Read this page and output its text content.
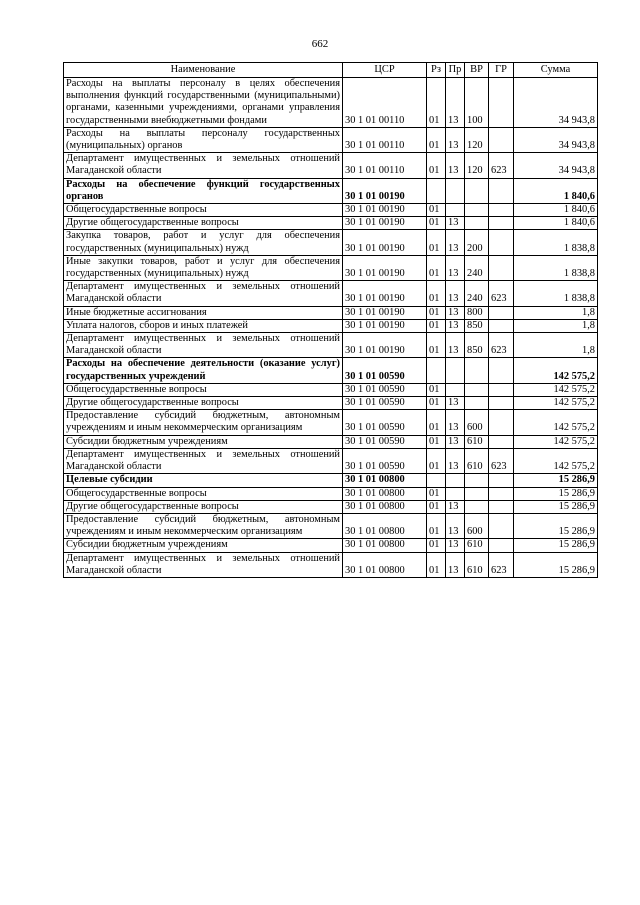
662
Наименование	ЦСР	Рз	Пр	ВР	ГР	Сумма
Расходы на выплаты персоналу в целях обеспечения выполнения функций государственными (муниципальными) органами, казенными учреждениями, органами управления государственными внебюджетными фондами	30 1 01 00110	01	13	100		34 943,8
Расходы на выплаты персоналу государственных (муниципальных) органов	30 1 01 00110	01	13	120		34 943,8
Департамент имущественных и земельных отношений Магаданской области	30 1 01 00110	01	13	120	623	34 943,8
Расходы на обеспечение функций государственных органов	30 1 01 00190					1 840,6
Общегосударственные вопросы	30 1 01 00190	01				1 840,6
Другие общегосударственные вопросы	30 1 01 00190	01	13			1 840,6
Закупка товаров, работ и услуг для обеспечения государственных (муниципальных) нужд	30 1 01 00190	01	13	200		1 838,8
Иные закупки товаров, работ и услуг для обеспечения государственных (муниципальных) нужд	30 1 01 00190	01	13	240		1 838,8
Департамент имущественных и земельных отношений Магаданской области	30 1 01 00190	01	13	240	623	1 838,8
Иные бюджетные ассигнования	30 1 01 00190	01	13	800		1,8
Уплата налогов, сборов и иных платежей	30 1 01 00190	01	13	850		1,8
Департамент имущественных и земельных отношений Магаданской области	30 1 01 00190	01	13	850	623	1,8
Расходы на обеспечение деятельности (оказание услуг) государственных учреждений	30 1 01 00590					142 575,2
Общегосударственные вопросы	30 1 01 00590	01				142 575,2
Другие общегосударственные вопросы	30 1 01 00590	01	13			142 575,2
Предоставление субсидий бюджетным, автономным учреждениям и иным некоммерческим организациям	30 1 01 00590	01	13	600		142 575,2
Субсидии бюджетным учреждениям	30 1 01 00590	01	13	610		142 575,2
Департамент имущественных и земельных отношений Магаданской области	30 1 01 00590	01	13	610	623	142 575,2
Целевые субсидии	30 1 01 00800					15 286,9
Общегосударственные вопросы	30 1 01 00800	01				15 286,9
Другие общегосударственные вопросы	30 1 01 00800	01	13			15 286,9
Предоставление субсидий бюджетным, автономным учреждениям и иным некоммерческим организациям	30 1 01 00800	01	13	600		15 286,9
Субсидии бюджетным учреждениям	30 1 01 00800	01	13	610		15 286,9
Департамент имущественных и земельных отношений Магаданской области	30 1 01 00800	01	13	610	623	15 286,9
